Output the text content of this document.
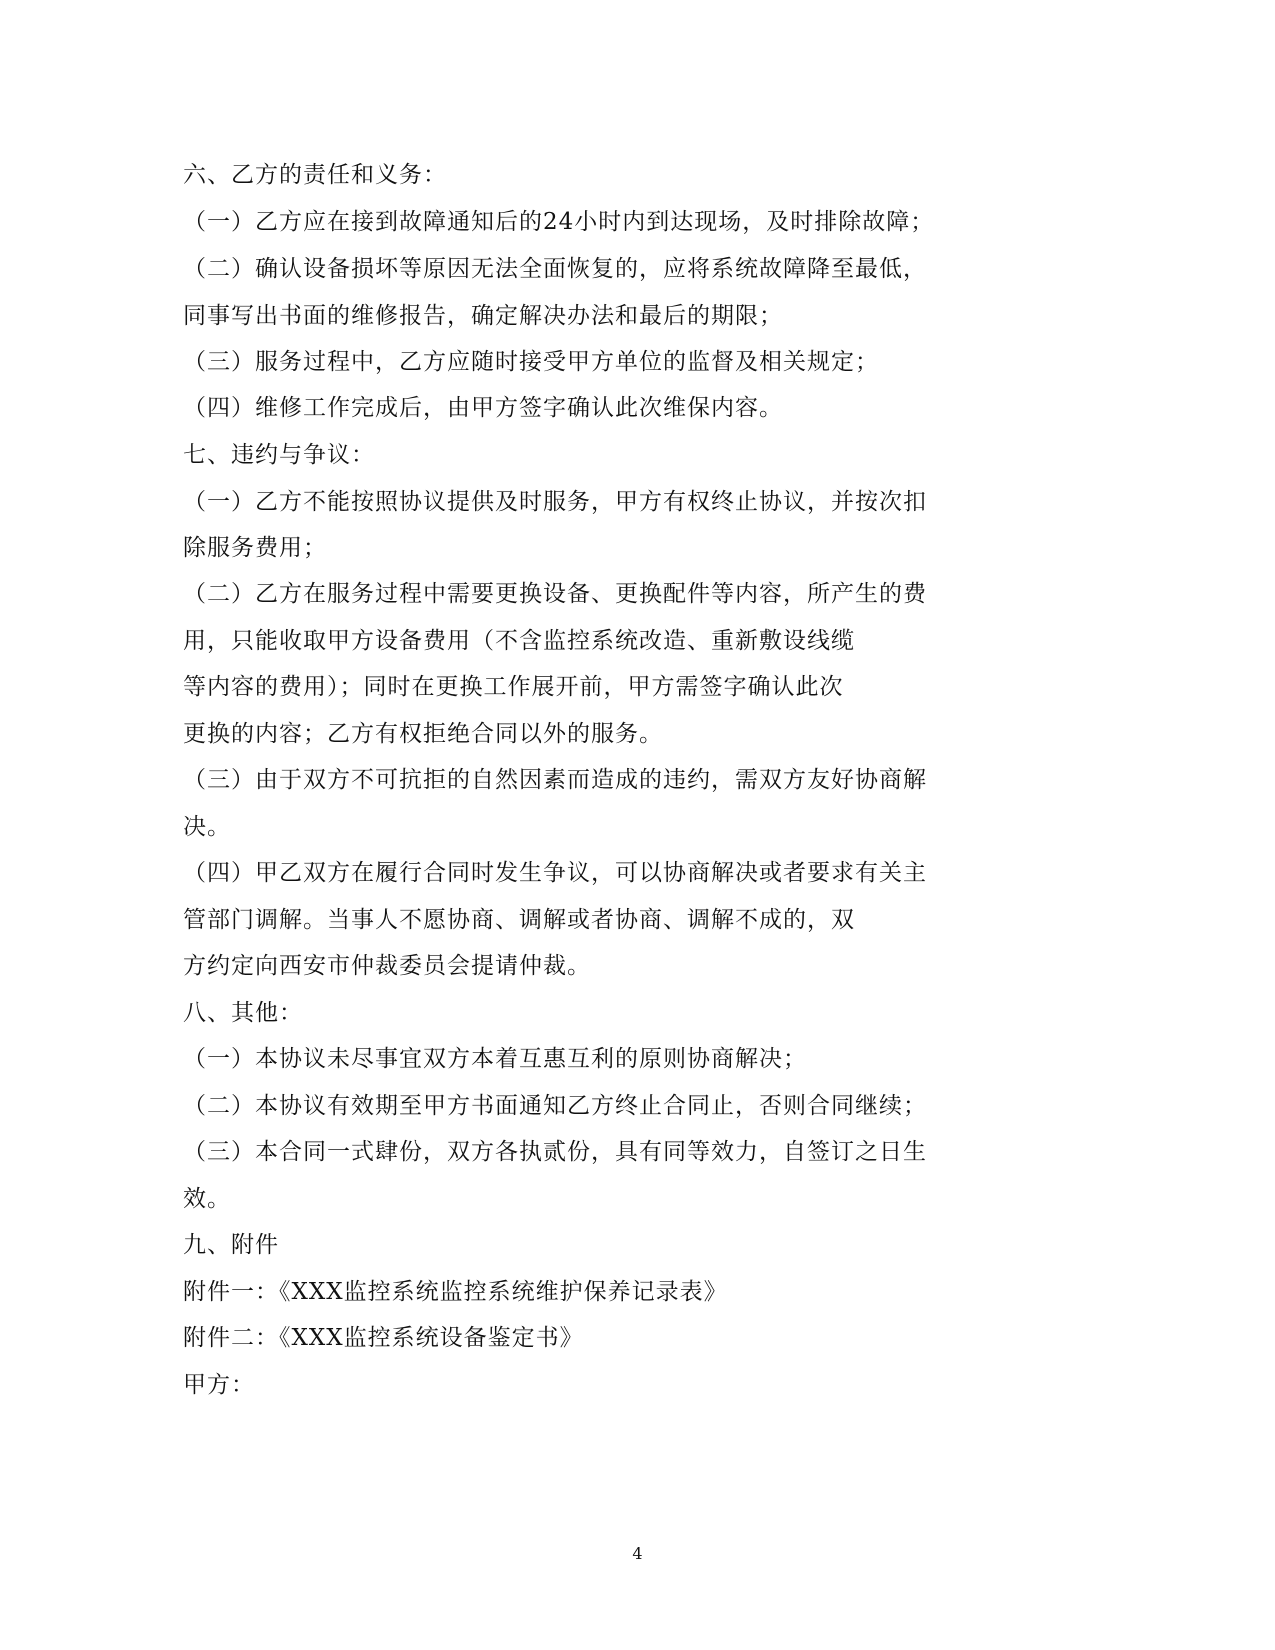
六、乙方的责任和义务：
（一）乙方应在接到故障通知后的24小时内到达现场，及时排除故障；
（二）确认设备损坏等原因无法全面恢复的，应将系统故障降至最低，
同事写出书面的维修报告，确定解决办法和最后的期限；
（三）服务过程中，乙方应随时接受甲方单位的监督及相关规定；
（四）维修工作完成后，由甲方签字确认此次维保内容。
七、违约与争议：
（一）乙方不能按照协议提供及时服务，甲方有权终止协议，并按次扣
除服务费用；
（二）乙方在服务过程中需要更换设备、更换配件等内容，所产生的费
用，只能收取甲方设备费用（不含监控系统改造、重新敷设线缆
等内容的费用）；同时在更换工作展开前，甲方需签字确认此次
更换的内容；乙方有权拒绝合同以外的服务。
（三）由于双方不可抗拒的自然因素而造成的违约，需双方友好协商解
决。
（四）甲乙双方在履行合同时发生争议，可以协商解决或者要求有关主
管部门调解。当事人不愿协商、调解或者协商、调解不成的，双
方约定向西安市仲裁委员会提请仲裁。
八、其他：
（一）本协议未尽事宜双方本着互惠互利的原则协商解决；
（二）本协议有效期至甲方书面通知乙方终止合同止，否则合同继续；
（三）本合同一式肆份，双方各执贰份，具有同等效力，自签订之日生
效。
九、附件
附件一：《XXX监控系统监控系统维护保养记录表》
附件二：《XXX监控系统设备鉴定书》
甲方：
4
